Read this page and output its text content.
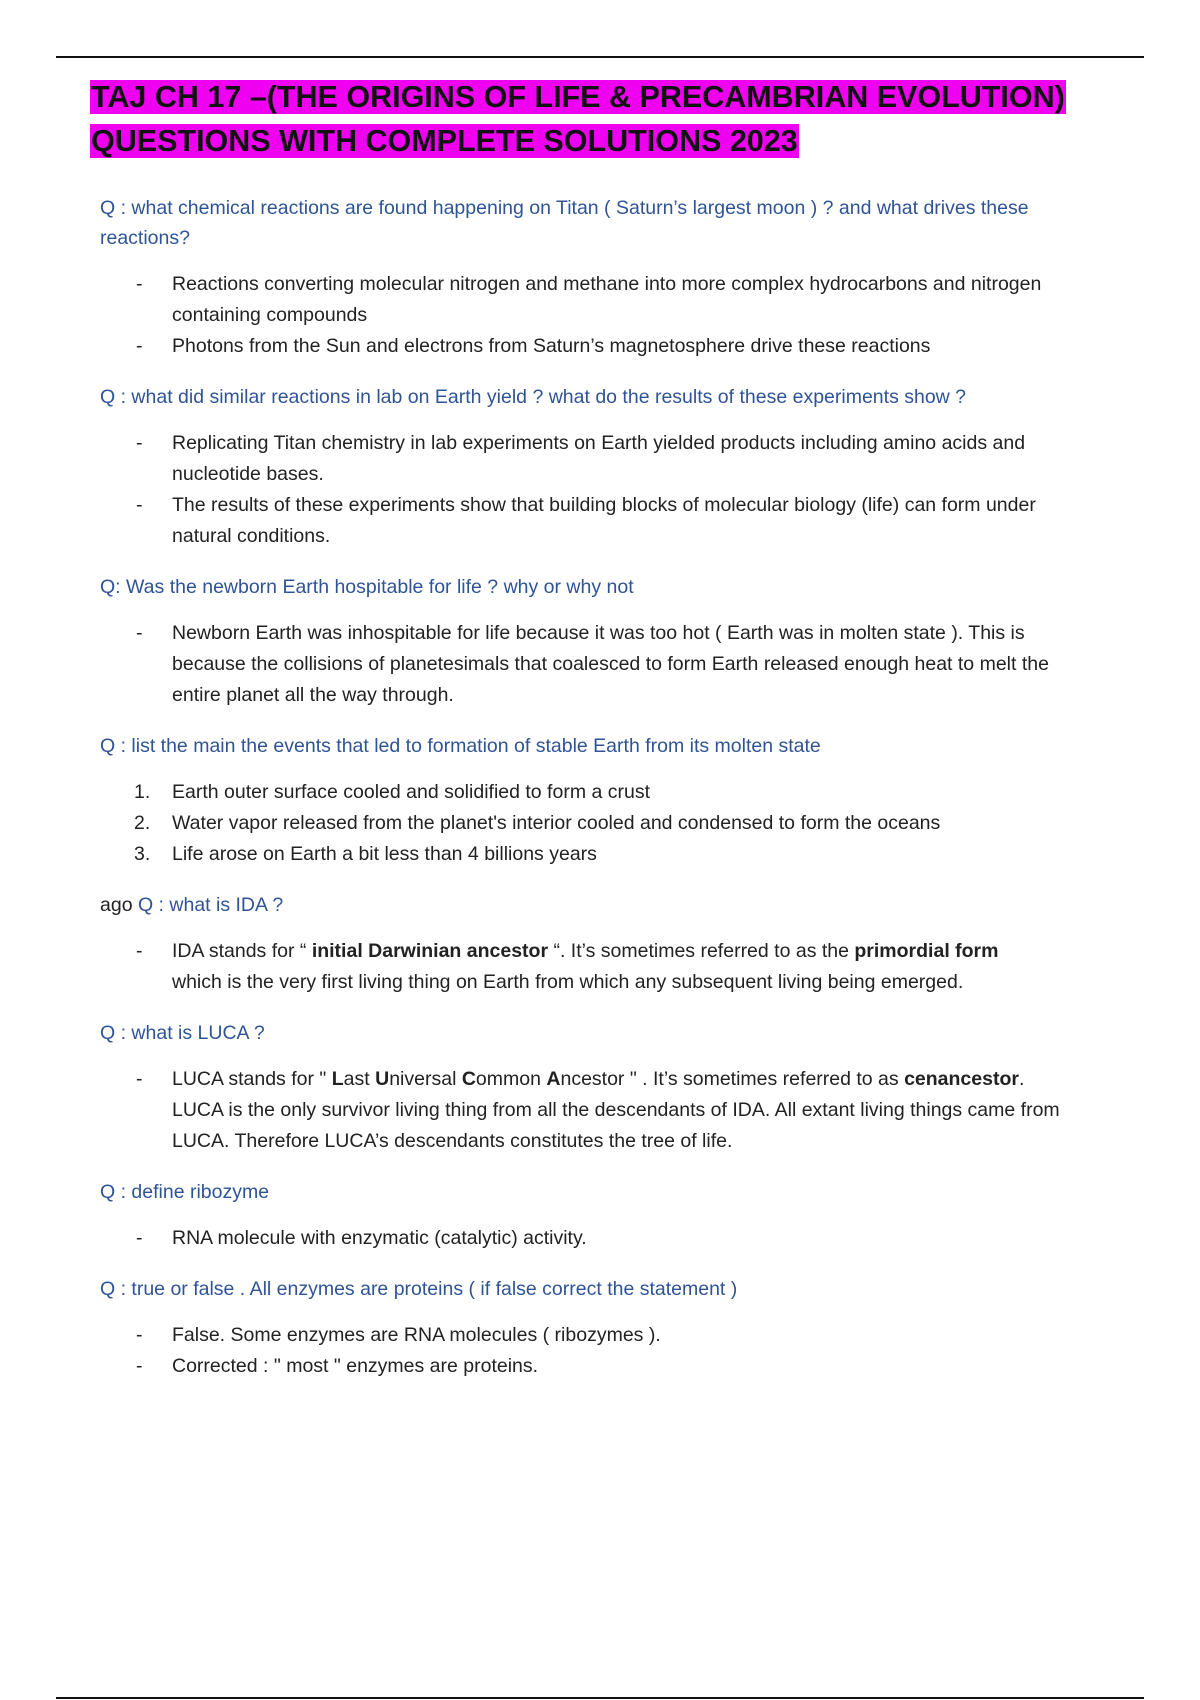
TAJ CH 17 –(THE ORIGINS OF LIFE & PRECAMBRIAN EVOLUTION)
QUESTIONS WITH COMPLETE SOLUTIONS 2023

Q : what chemical reactions are found happening on Titan ( Saturn’s largest moon ) ? and what drives these reactions?

-	Reactions converting molecular nitrogen and methane into more complex hydrocarbons and nitrogen containing compounds
-	Photons from the Sun and electrons from Saturn’s magnetosphere drive these reactions

Q : what did similar reactions in lab on Earth yield ? what do the results of these experiments show ?

-	Replicating Titan chemistry in lab experiments on Earth yielded products including amino acids and nucleotide bases.
-	The results of these experiments show that building blocks of molecular biology (life) can form under natural conditions.

Q: Was the newborn Earth hospitable for life ? why or why not

-	Newborn Earth was inhospitable for life because it was too hot ( Earth was in molten state ). This is because the collisions of planetesimals that coalesced to form Earth released enough heat to melt the entire planet all the way through.

Q : list the main the events that led to formation of stable Earth from its molten state

1.	Earth outer surface cooled and solidified to form a crust
2.	Water vapor released from the planet's interior cooled and condensed to form the oceans
3.	Life arose on Earth a bit less than 4 billions years

ago Q : what is IDA ?

-	IDA stands for “ initial Darwinian ancestor “. It’s sometimes referred to as the primordial form which is the very first living thing on Earth from which any subsequent living being emerged.

Q : what is LUCA ?

-	LUCA stands for " Last Universal Common Ancestor " . It’s sometimes referred to as cenancestor. LUCA is the only survivor living thing from all the descendants of IDA. All extant living things came from LUCA. Therefore LUCA’s descendants constitutes the tree of life.

Q : define ribozyme

-	RNA molecule with enzymatic (catalytic) activity.

Q : true or false . All enzymes are proteins ( if false correct the statement )

-	False. Some enzymes are RNA molecules ( ribozymes ).
-	Corrected : " most " enzymes are proteins.
